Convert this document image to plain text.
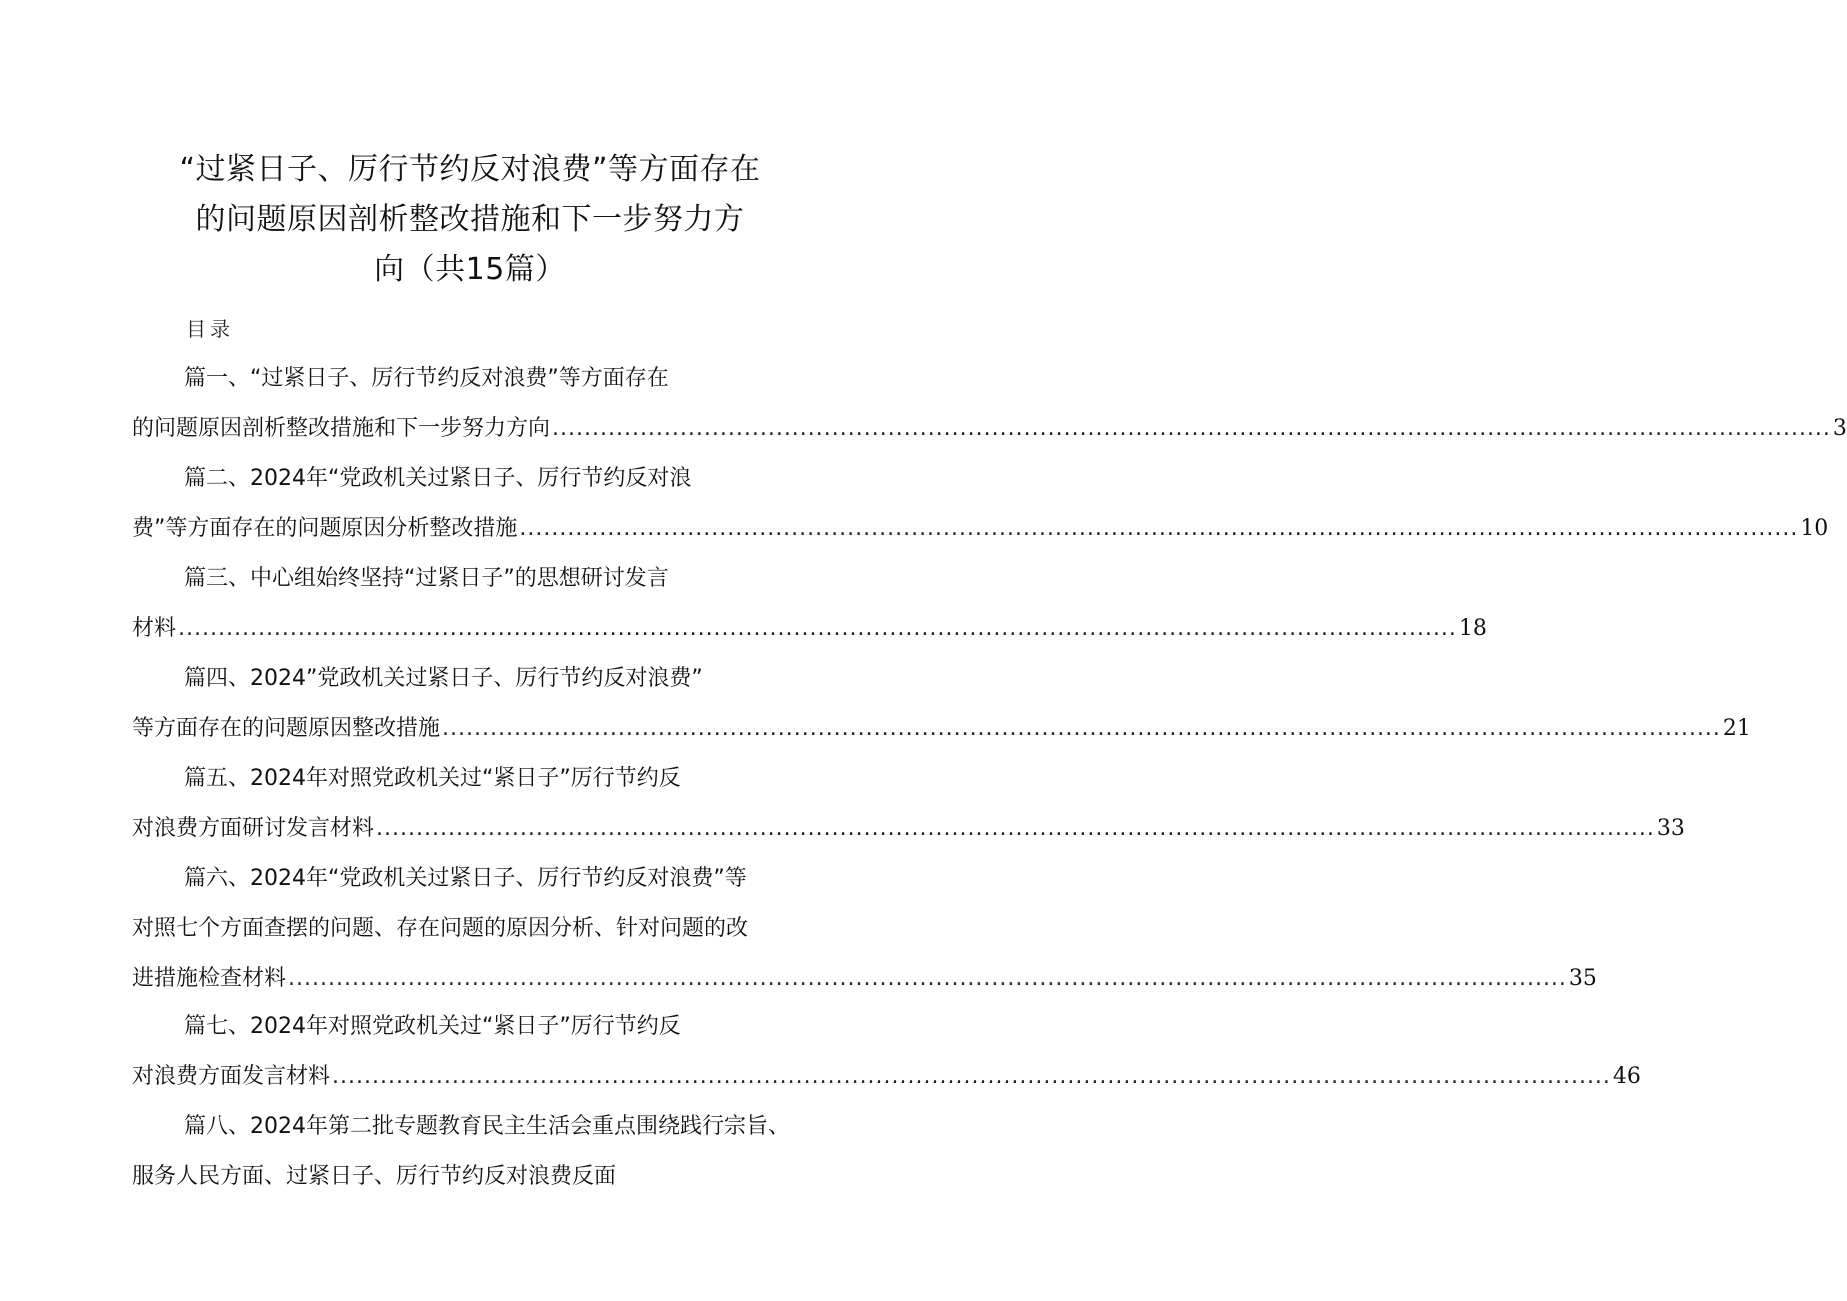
“过紧日子、厉行节约反对浪费”等方面存在
的问题原因剖析整改措施和下一步努力方
向（共15篇）
目录
篇一、“过紧日子、厉行节约反对浪费”等方面存在
的问题原因剖析整改措施和下一步努力方向 ................................................................................................................................................................ 3
篇二、2024年“党政机关过紧日子、厉行节约反对浪
费”等方面存在的问题原因分析整改措施 ................................................................................................................................................................ 10
篇三、中心组始终坚持“过紧日子”的思想研讨发言
材料 ................................................................................................................................................................ 18
篇四、2024”党政机关过紧日子、厉行节约反对浪费”
等方面存在的问题原因整改措施 ................................................................................................................................................................ 21
篇五、2024年对照党政机关过“紧日子”厉行节约反
对浪费方面研讨发言材料 ................................................................................................................................................................ 33
篇六、2024年“党政机关过紧日子、厉行节约反对浪费”等
对照七个方面查摆的问题、存在问题的原因分析、针对问题的改
进措施检查材料 ................................................................................................................................................................ 35
篇七、2024年对照党政机关过“紧日子”厉行节约反
对浪费方面发言材料 ................................................................................................................................................................ 46
篇八、2024年第二批专题教育民主生活会重点围绕践行宗旨、
服务人民方面、过紧日子、厉行节约反对浪费反面
